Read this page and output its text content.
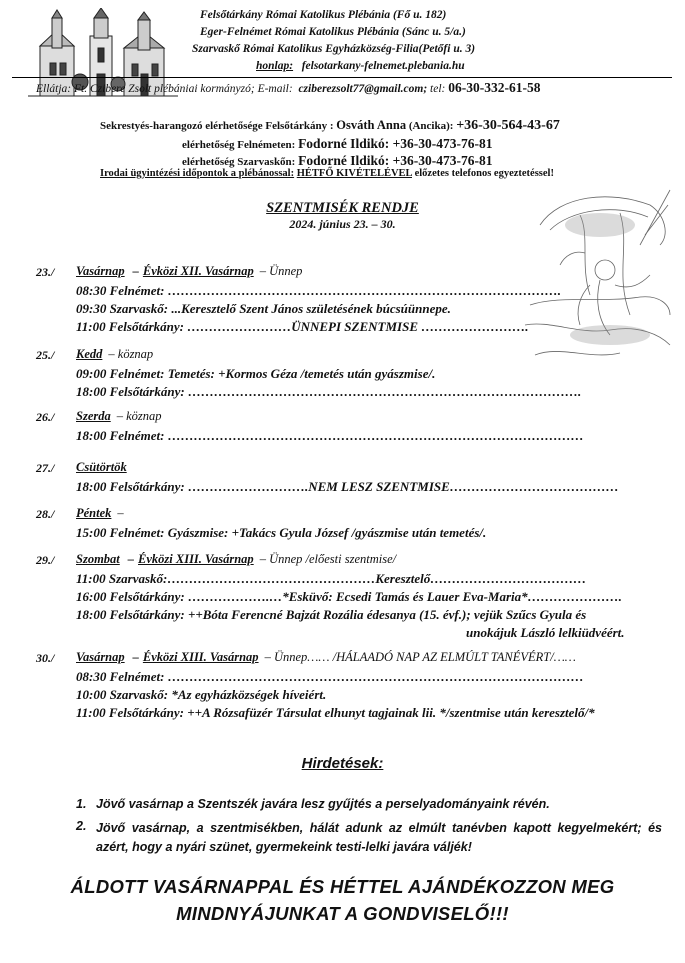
Felsőtárkány Római Katolikus Plébánia (Fő u. 182)
Eger-Felnémet Római Katolikus Plébánia (Sánc u. 5/a.)
Szarvaskő Római Katolikus Egyházközség-Filia(Petőfi u. 3)
honlap: felsotarkany-felnemet.plebania.hu
Ellátja: Ft. Czibere Zsolt plébániai kormányzó; E-mail: cziberezsolt77@gmail.com; tel: 06-30-332-61-58
Sekrestyés-harangozó elérhetősége Felsőtárkány : Osváth Anna (Ancika): +36-30-564-43-67
elérhetőség Felnémeten: Fodorné Ildikó: +36-30-473-76-81
elérhetőség Szarvaskőn: Fodorné Ildikó: +36-30-473-76-81
Irodai ügyintézési időpontok a plébánossal: HÉTFŐ KIVÉTELÉVEL előzetes telefonos egyeztetéssel!
SZENTMISÉK RENDJE
2024. június 23. – 30.
23./ Vasárnap – Évközi XII. Vasárnap – Ünnep
08:30 Felnémet: ……………………………………………………………………………….
09:30 Szarvaskő: ...Keresztelő Szent János születésének búcsúünnepe.
11:00 Felsőtárkány: ……………………ÜNNEPI SZENTMISE …………………….
25./ Kedd – köznap
09:00 Felnémet: Temetés: +Kormos Géza /temetés után gyászmise/.
18:00 Felsőtárkány: ……………………………………………………………………………….
26./ Szerda – köznap
18:00 Felnémet: ……………………………………………………………………………………
27./ Csütörtök
18:00 Felsőtárkány: ……………………….NEM LESZ SZENTMISE…………………………………
28./ Péntek –
15:00 Felnémet: Gyászmise: +Takács Gyula József /gyászmise után temetés/.
29./ Szombat – Évközi XIII. Vasárnap – Ünnep /előesti szentmise/
11:00 Szarvaskő:…………………………………………Keresztelő………………………………
16:00 Felsőtárkány: ……………….…*Esküvő: Ecsedi Tamás és Lauer Eva-Maria*………………….
18:00 Felsőtárkány: ++Bóta Ferencné Bajzát Rozália édesanya (15. évf.); vejük Szűcs Gyula és
unokájuk László lelkiüdvéért.
30./ Vasárnap – Évközi XIII. Vasárnap – Ünnep…… /HÁLAADÓ NAP AZ ELMÚLT TANÉVÉRT/……
08:30 Felnémet: ……………………………………………………………………………………
10:00 Szarvaskő: *Az egyházközségek híveiért.
11:00 Felsőtárkány: ++A Rózsafüzér Társulat elhunyt tagjainak lii. */szentmise után keresztelő/*
Hirdetések:
1. Jövő vasárnap a Szentszék javára lesz gyűjtés a perselyadományaink révén.
2. Jövő vasárnap, a szentmisékben, hálát adunk az elmúlt tanévben kapott kegyelmekért; és azért, hogy a nyári szünet, gyermekeink testi-lelki javára váljék!
ÁLDOTT VASÁRNAPPAL ÉS HÉTTEL AJÁNDÉKOZZON MEG
MINDNYÁJUNKAT A GONDVISELŐ!!!
